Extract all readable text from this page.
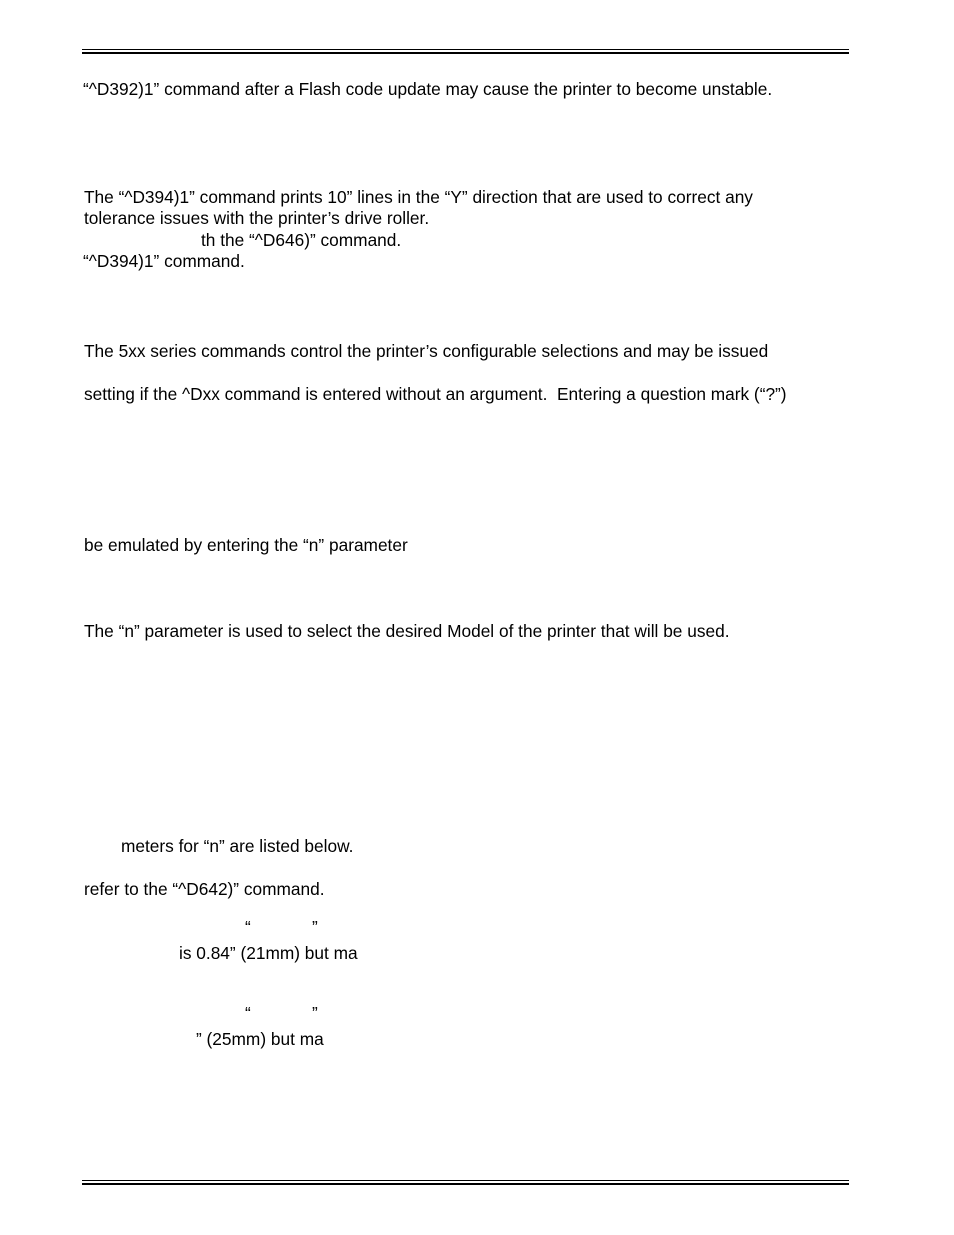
“^D392)1” command after a Flash code update may cause the printer to become unstable.
The “^D394)1” command prints 10” lines in the “Y” direction that are used to correct any
tolerance issues with the printer’s drive roller.
th the “^D646)” command.
“^D394)1” command.
The 5xx series commands control the printer’s configurable selections and may be issued
setting if the ^Dxx command is entered without an argument.  Entering a question mark (“?”)
be emulated by entering the “n” parameter
The “n” parameter is used to select the desired Model of the printer that will be used.
meters for “n” are listed below.
refer to the “^D642)” command.
“	”
is 0.84” (21mm) but ma
“	”
” (25mm) but ma
